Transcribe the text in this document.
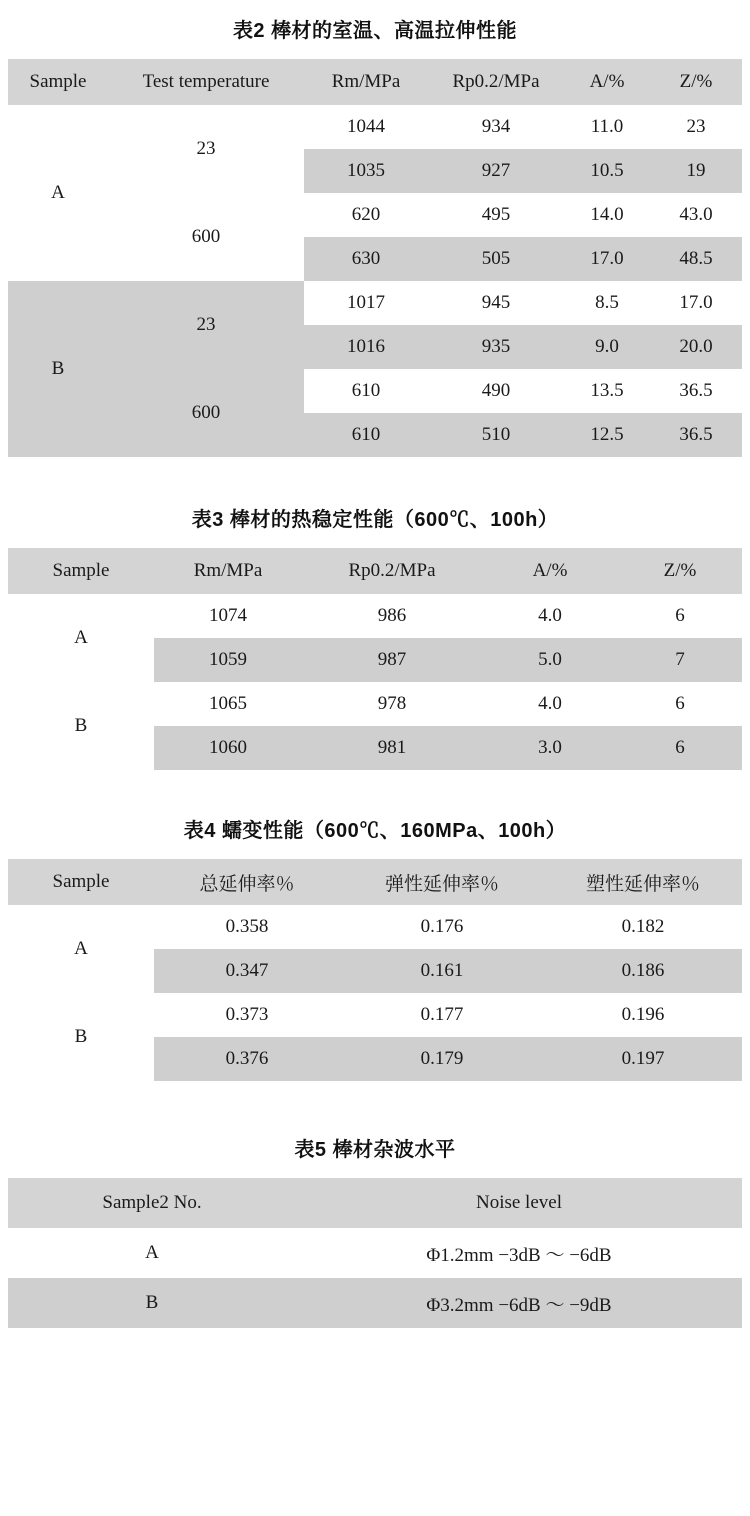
表2 棒材的室温、高温拉伸性能
Sample	Test temperature	Rm/MPa	Rp0.2/MPa	A/%	Z/%
A	23	1044	934	11.0	23
		1035	927	10.5	19
	600	620	495	14.0	43.0
		630	505	17.0	48.5
B	23	1017	945	8.5	17.0
		1016	935	9.0	20.0
	600	610	490	13.5	36.5
		610	510	12.5	36.5
表3 棒材的热稳定性能（600℃、100h）
Sample	Rm/MPa	Rp0.2/MPa	A/%	Z/%
A	1074	986	4.0	6
	1059	987	5.0	7
B	1065	978	4.0	6
	1060	981	3.0	6
表4 蠕变性能（600℃、160MPa、100h）
Sample	总延伸率％	弹性延伸率％	塑性延伸率％
A	0.358	0.176	0.182
	0.347	0.161	0.186
B	0.373	0.177	0.196
	0.376	0.179	0.197
表5 棒材杂波水平
Sample2 No.	Noise level
A	Φ1.2mm −3dB ～ −6dB
B	Φ3.2mm −6dB ～ −9dB
